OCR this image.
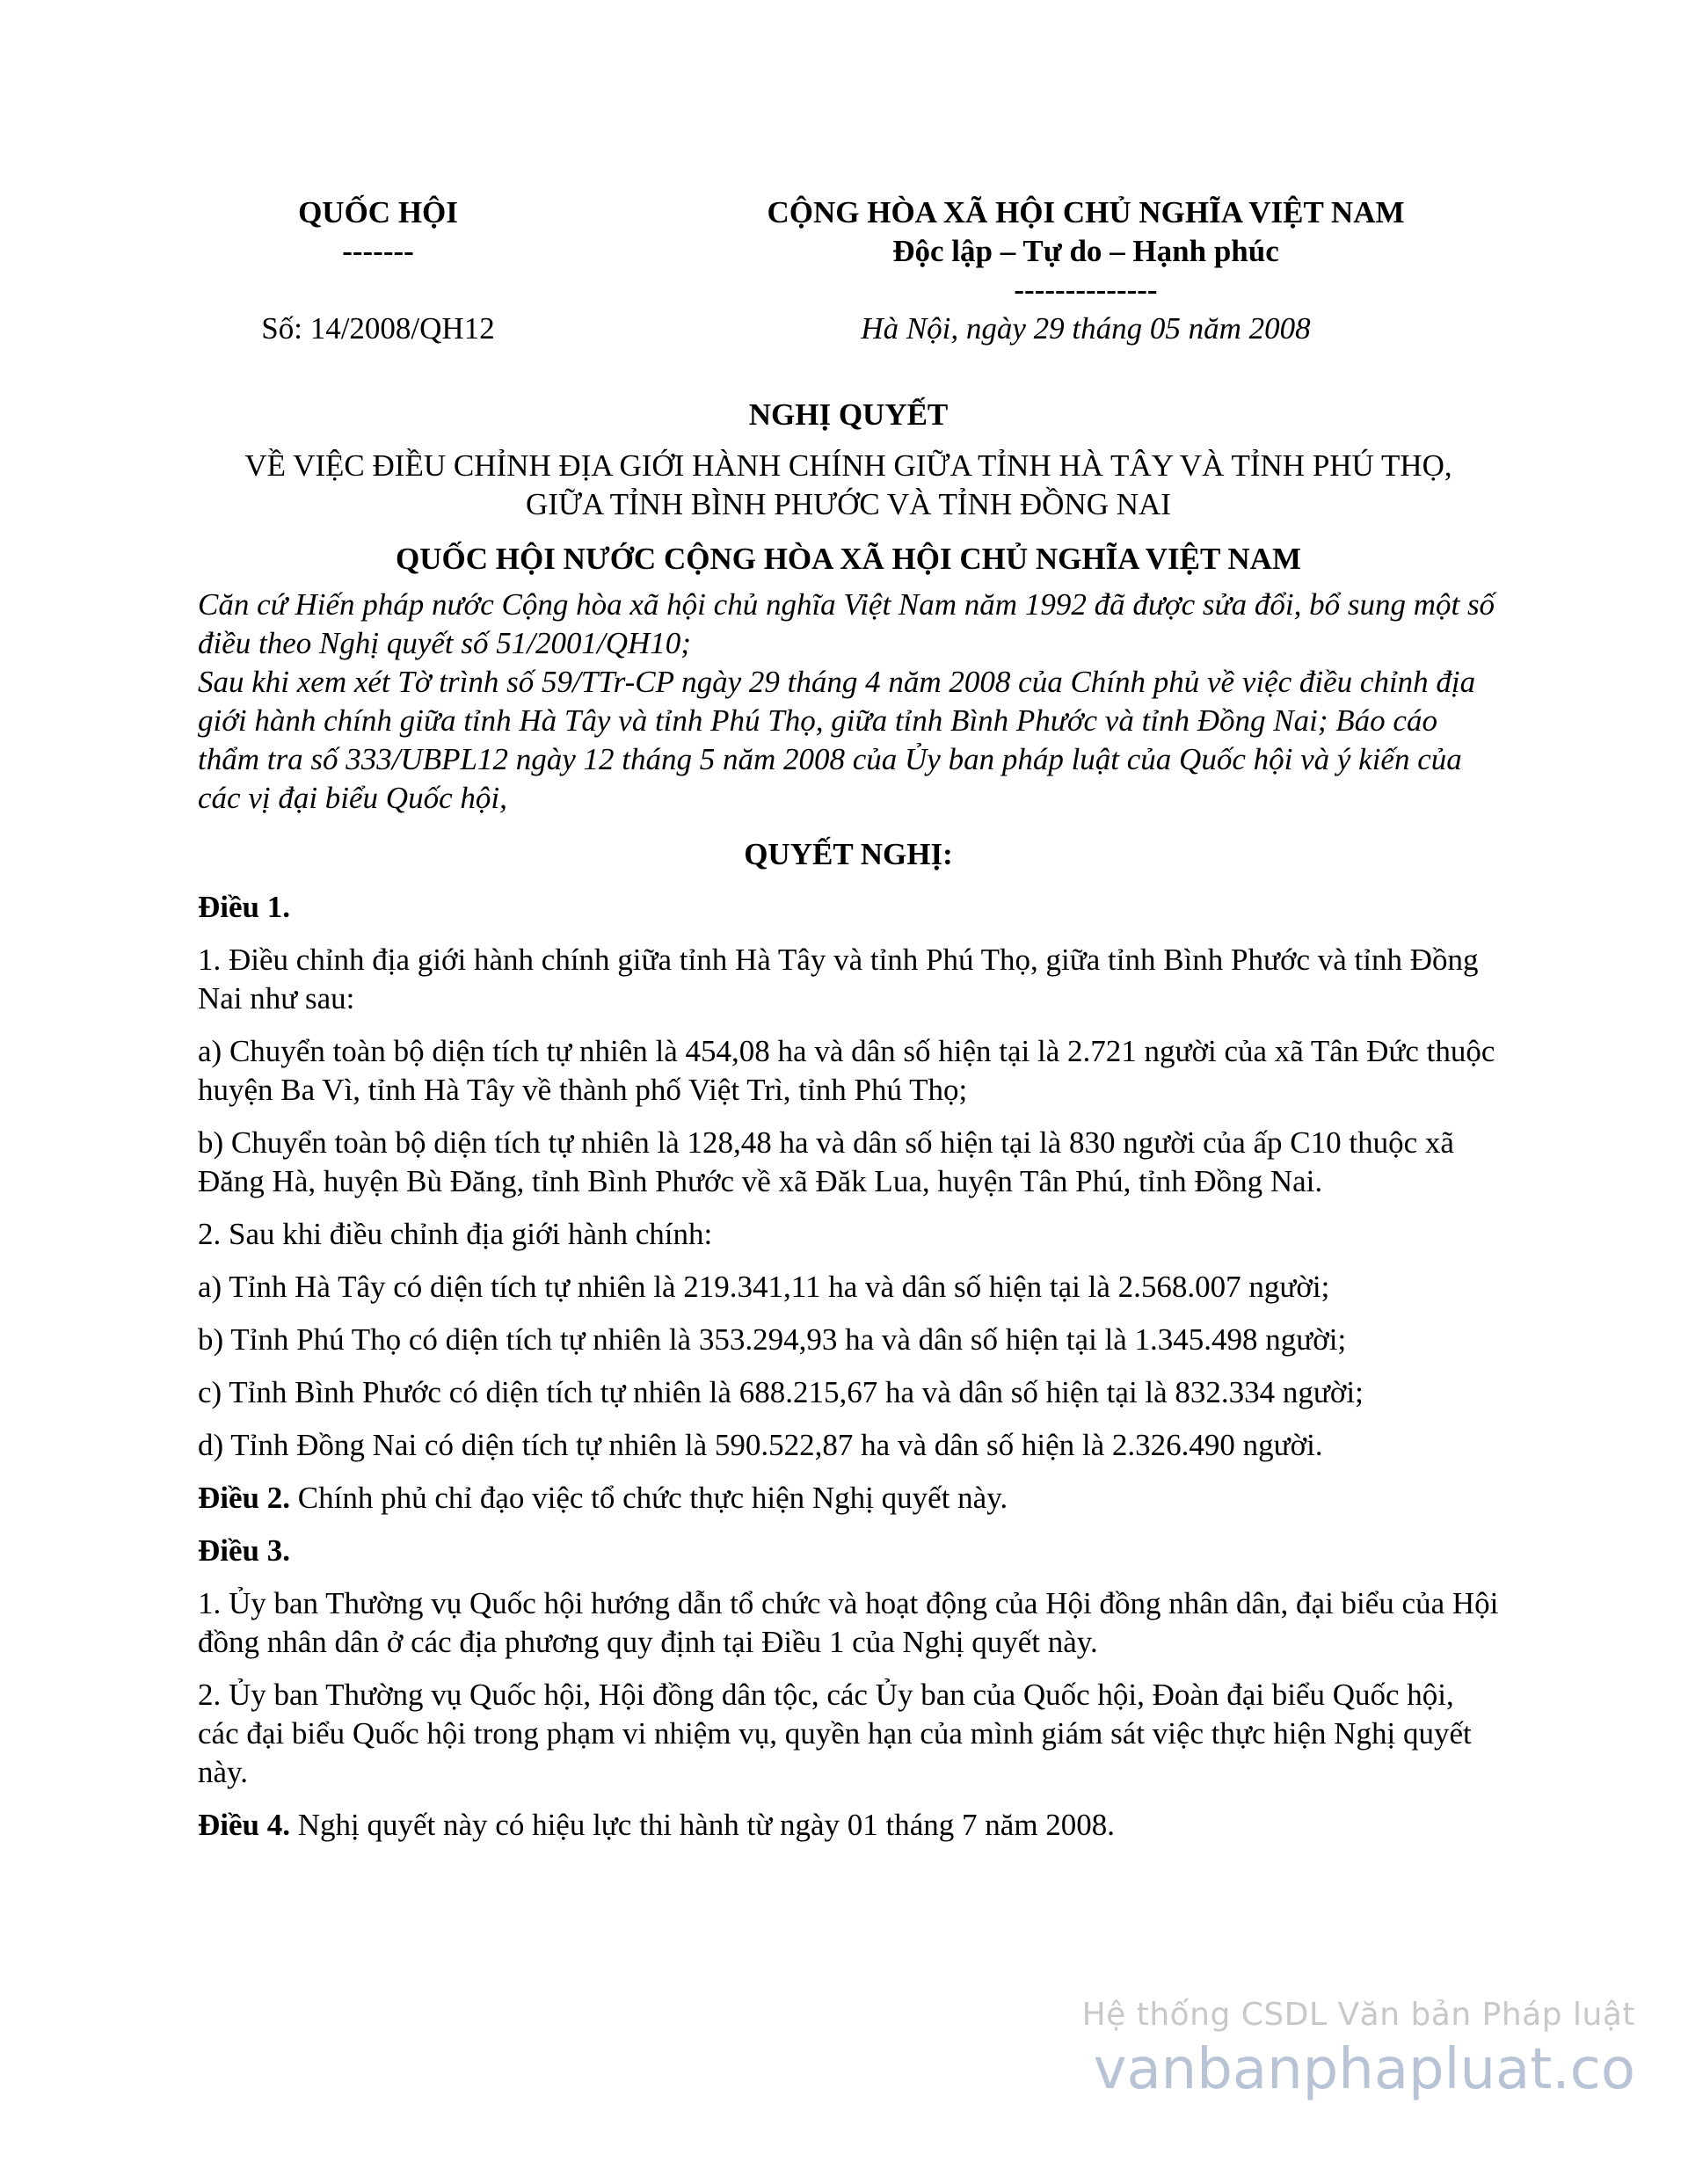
QUỐC HỘI
-------
Số: 14/2008/QH12
CỘNG HÒA XÃ HỘI CHỦ NGHĨA VIỆT NAM
Độc lập – Tự do – Hạnh phúc
--------------
Hà Nội, ngày 29 tháng 05 năm 2008
NGHỊ QUYẾT
VỀ VIỆC ĐIỀU CHỈNH ĐỊA GIỚI HÀNH CHÍNH GIỮA TỈNH HÀ TÂY VÀ TỈNH PHÚ THỌ, GIỮA TỈNH BÌNH PHƯỚC VÀ TỈNH ĐỒNG NAI
QUỐC HỘI NƯỚC CỘNG HÒA XÃ HỘI CHỦ NGHĨA VIỆT NAM

Căn cứ Hiến pháp nước Cộng hòa xã hội chủ nghĩa Việt Nam năm 1992 đã được sửa đổi, bổ sung một số điều theo Nghị quyết số 51/2001/QH10;

Sau khi xem xét Tờ trình số 59/TTr-CP ngày 29 tháng 4 năm 2008 của Chính phủ về việc điều chỉnh địa giới hành chính giữa tỉnh Hà Tây và tỉnh Phú Thọ, giữa tỉnh Bình Phước và tỉnh Đồng Nai; Báo cáo thẩm tra số 333/UBPL12 ngày 12 tháng 5 năm 2008 của Ủy ban pháp luật của Quốc hội và ý kiến của các vị đại biểu Quốc hội,

QUYẾT NGHỊ:

Điều 1.

1. Điều chỉnh địa giới hành chính giữa tỉnh Hà Tây và tỉnh Phú Thọ, giữa tỉnh Bình Phước và tỉnh Đồng Nai như sau:

a) Chuyển toàn bộ diện tích tự nhiên là 454,08 ha và dân số hiện tại là 2.721 người của xã Tân Đức thuộc huyện Ba Vì, tỉnh Hà Tây về thành phố Việt Trì, tỉnh Phú Thọ;

b) Chuyển toàn bộ diện tích tự nhiên là 128,48 ha và dân số hiện tại là 830 người của ấp C10 thuộc xã Đăng Hà, huyện Bù Đăng, tỉnh Bình Phước về xã Đăk Lua, huyện Tân Phú, tỉnh Đồng Nai.

2. Sau khi điều chỉnh địa giới hành chính:

a) Tỉnh Hà Tây có diện tích tự nhiên là 219.341,11 ha và dân số hiện tại là 2.568.007 người;

b) Tỉnh Phú Thọ có diện tích tự nhiên là 353.294,93 ha và dân số hiện tại là 1.345.498 người;

c) Tỉnh Bình Phước có diện tích tự nhiên là 688.215,67 ha và dân số hiện tại là 832.334 người;

d) Tỉnh Đồng Nai có diện tích tự nhiên là 590.522,87 ha và dân số hiện là 2.326.490 người.

Điều 2. Chính phủ chỉ đạo việc tổ chức thực hiện Nghị quyết này.

Điều 3.

1. Ủy ban Thường vụ Quốc hội hướng dẫn tổ chức và hoạt động của Hội đồng nhân dân, đại biểu của Hội đồng nhân dân ở các địa phương quy định tại Điều 1 của Nghị quyết này.

2. Ủy ban Thường vụ Quốc hội, Hội đồng dân tộc, các Ủy ban của Quốc hội, Đoàn đại biểu Quốc hội, các đại biểu Quốc hội trong phạm vi nhiệm vụ, quyền hạn của mình giám sát việc thực hiện Nghị quyết này.

Điều 4. Nghị quyết này có hiệu lực thi hành từ ngày 01 tháng 7 năm 2008.

Hệ thống CSDL Văn bản Pháp luật
vanbanphapluat.co
